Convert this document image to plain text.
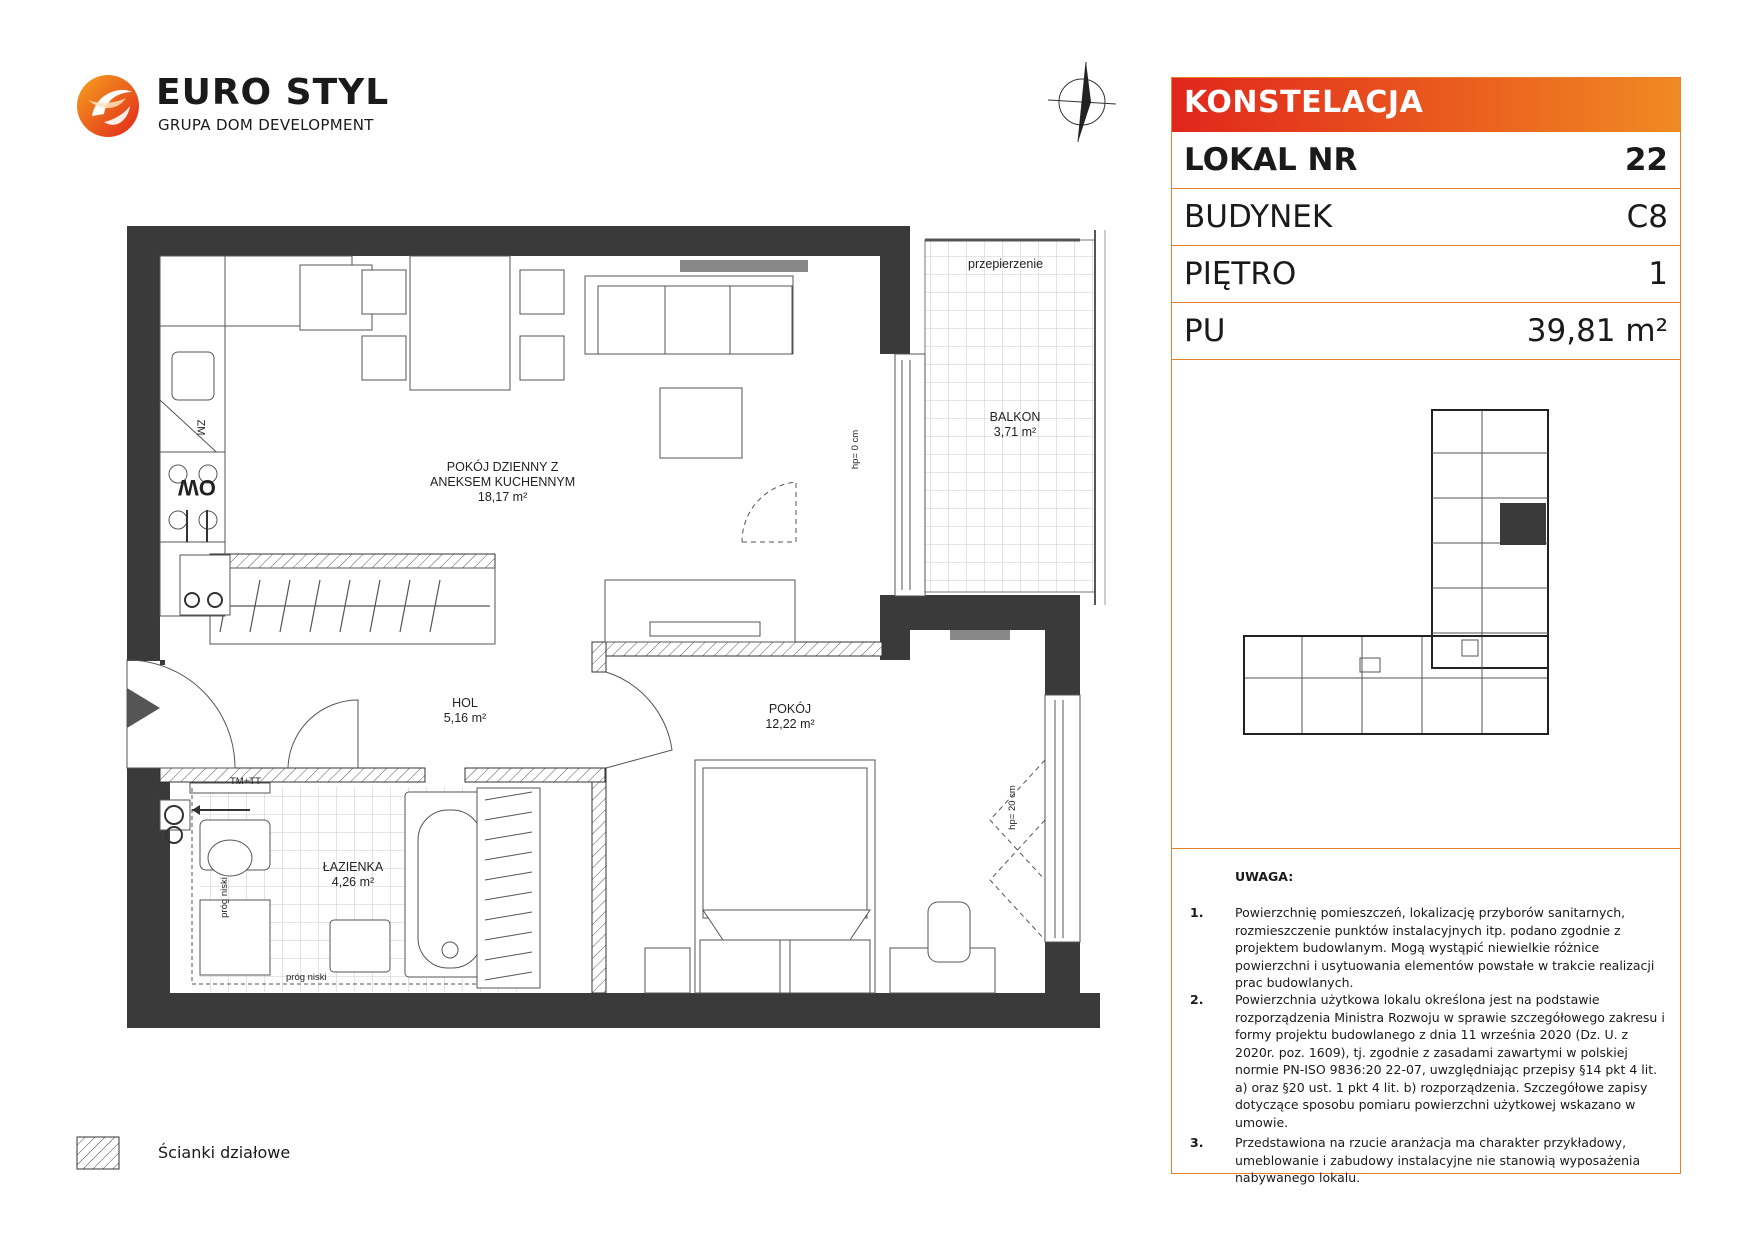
EURO STYL
GRUPA DOM DEVELOPMENT
POKÓJ DZIENNY Z
ANEKSEM KUCHENNYM
18,17 m²
HOL
5,16 m²
POKÓJ
12,22 m²
ŁAZIENKA
4,26 m²
BALKON
3,71 m²
przepierzenie
ZM
OW
TM+TT
hp= 0 cm
hp= 20 cm
próg niski
próg niski
KONSTELACJA
LOKAL NR	22
BUDYNEK	C8
PIĘTRO	1
PU	39,81 m²
UWAGA:
1.	Powierzchnię pomieszczeń, lokalizację przyborów sanitarnych, rozmieszczenie punktów instalacyjnych itp. podano zgodnie z projektem budowlanym. Mogą wystąpić niewielkie różnice powierzchni i usytuowania elementów powstałe w trakcie realizacji prac budowlanych.
2.	Powierzchnia użytkowa lokalu określona jest na podstawie rozporządzenia Ministra Rozwoju w sprawie szczegółowego zakresu i formy projektu budowlanego z dnia 11 września 2020 (Dz. U. z 2020r. poz. 1609), tj. zgodnie z zasadami zawartymi w polskiej normie PN-ISO 9836:20 22-07, uwzględniając przepisy §14 pkt 4 lit. a) oraz §20 ust. 1 pkt 4 lit. b) rozporządzenia. Szczegółowe zapisy dotyczące sposobu pomiaru powierzchni użytkowej wskazano w umowie.
3.	Przedstawiona na rzucie aranżacja ma charakter przykładowy, umeblowanie i zabudowy instalacyjne nie stanowią wyposażenia nabywanego lokalu.
Ścianki działowe
